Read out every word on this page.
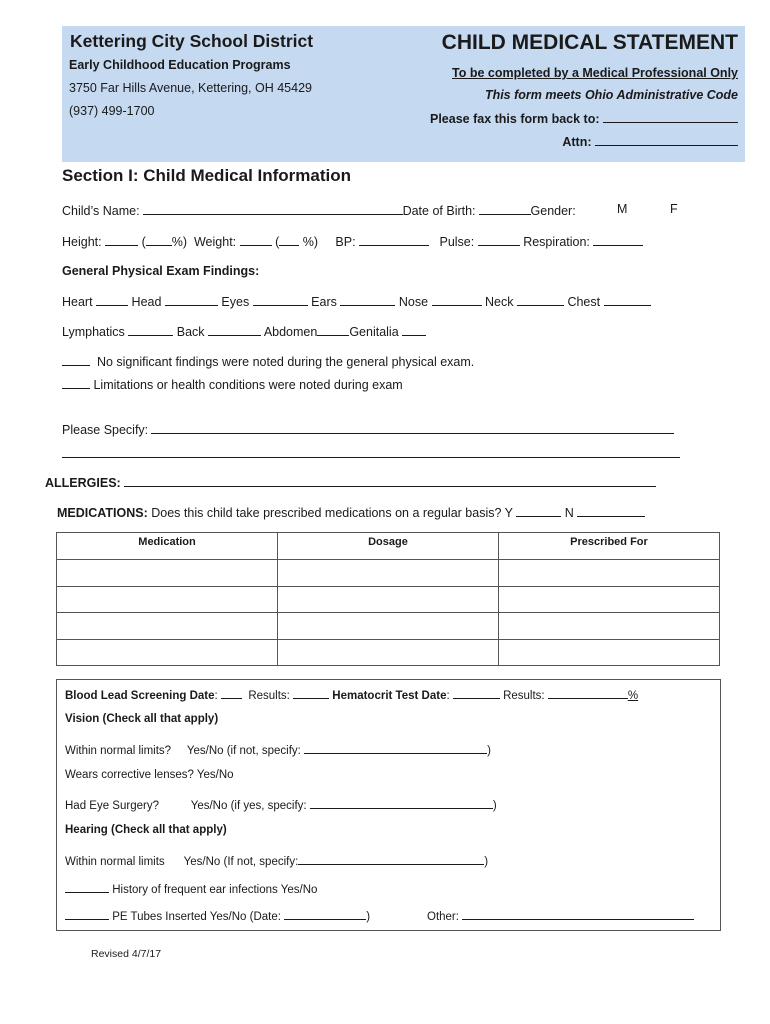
Kettering City School District
Early Childhood Education Programs
3750 Far Hills Avenue, Kettering, OH 45429
(937) 499-1700
CHILD MEDICAL STATEMENT
To be completed by a Medical Professional Only
This form meets Ohio Administrative Code
Please fax this form back to:
Attn:
Section I: Child Medical Information
Child’s Name:	Date of Birth:	Gender:	M	F
Height:	( %) Weight:	( %) BP:	Pulse:	Respiration:
General Physical Exam Findings:
Heart	Head	Eyes	Ears	Nose	Neck	Chest
Lymphatics	Back	Abdomen	Genitalia
No significant findings were noted during the general physical exam.
Limitations or health conditions were noted during exam
Please Specify:
ALLERGIES:
MEDICATIONS: Does this child take prescribed medications on a regular basis? Y	N
Medication	Dosage	Prescribed For

Blood Lead Screening Date:	Results:	Hematocrit Test Date:	Results:	%
Vision (Check all that apply)
Within normal limits? Yes/No (if not, specify:	)
Wears corrective lenses? Yes/No
Had Eye Surgery?	Yes/No (if yes, specify:	)
Hearing (Check all that apply)
Within normal limits Yes/No (If not, specify:	)
History of frequent ear infections Yes/No
PE Tubes Inserted Yes/No (Date:	)	Other:
Revised 4/7/17
